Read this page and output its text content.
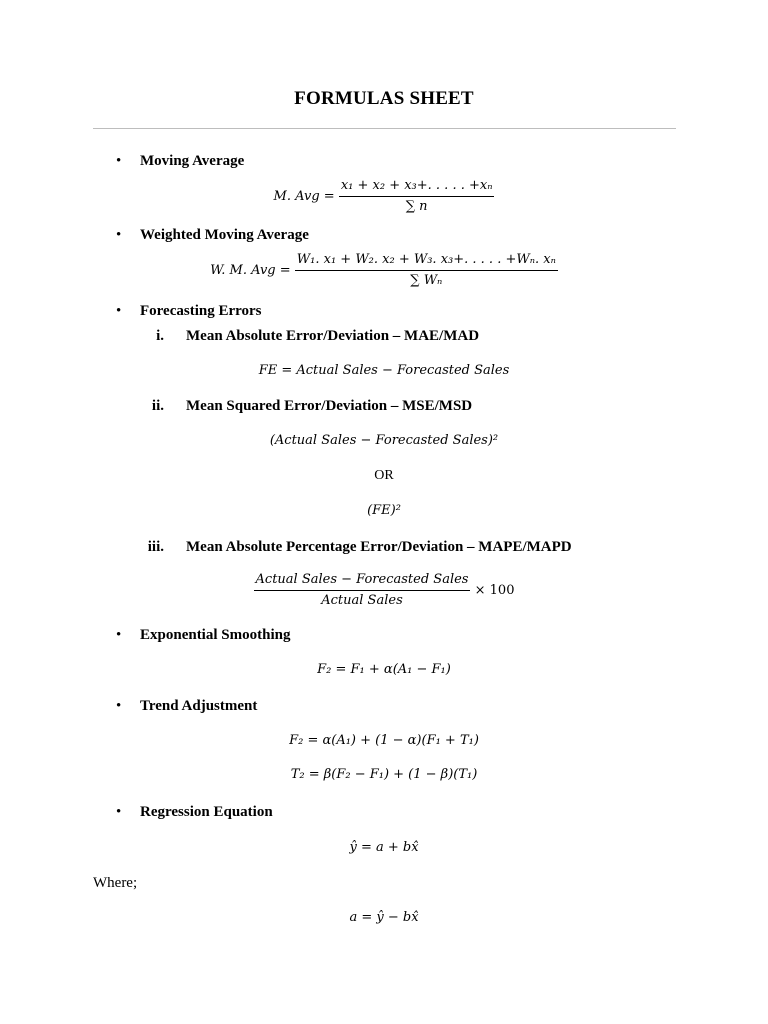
FORMULAS SHEET
• Moving Average
M. Avg = $\frac{\text{x₁ + x₂ + x₃+. . . . . +xₙ}}{\sum n}$
• Weighted Moving Average
W. M. Avg = $\frac{\text{W₁. x₁ + W₂. x₂ + W₃. x₃+. . . . . +Wₙ. xₙ}}{\text{∑ Wₙ}}$
• Forecasting Errors
i. Mean Absolute Error/Deviation – MAE/MAD
FE = Actual Sales − Forecasted Sales
ii. Mean Squared Error/Deviation – MSE/MSD
(Actual Sales − Forecasted Sales)²
OR
(FE)²
iii. Mean Absolute Percentage Error/Deviation – MAPE/MAPD
$\frac{\text{Actual Sales − Forecasted Sales}}{\text{Actual Sales}} \times 100$
• Exponential Smoothing
F₂ = F₁ + α(A₁ − F₁)
• Trend Adjustment
F₂ = α(A₁) + (1 − α)(F₁ + T₁)
T₂ = β(F₂ − F₁) + (1 − β)(T₁)
• Regression Equation
ŷ = a + bx̂
Where;
a = ŷ − bx̂
